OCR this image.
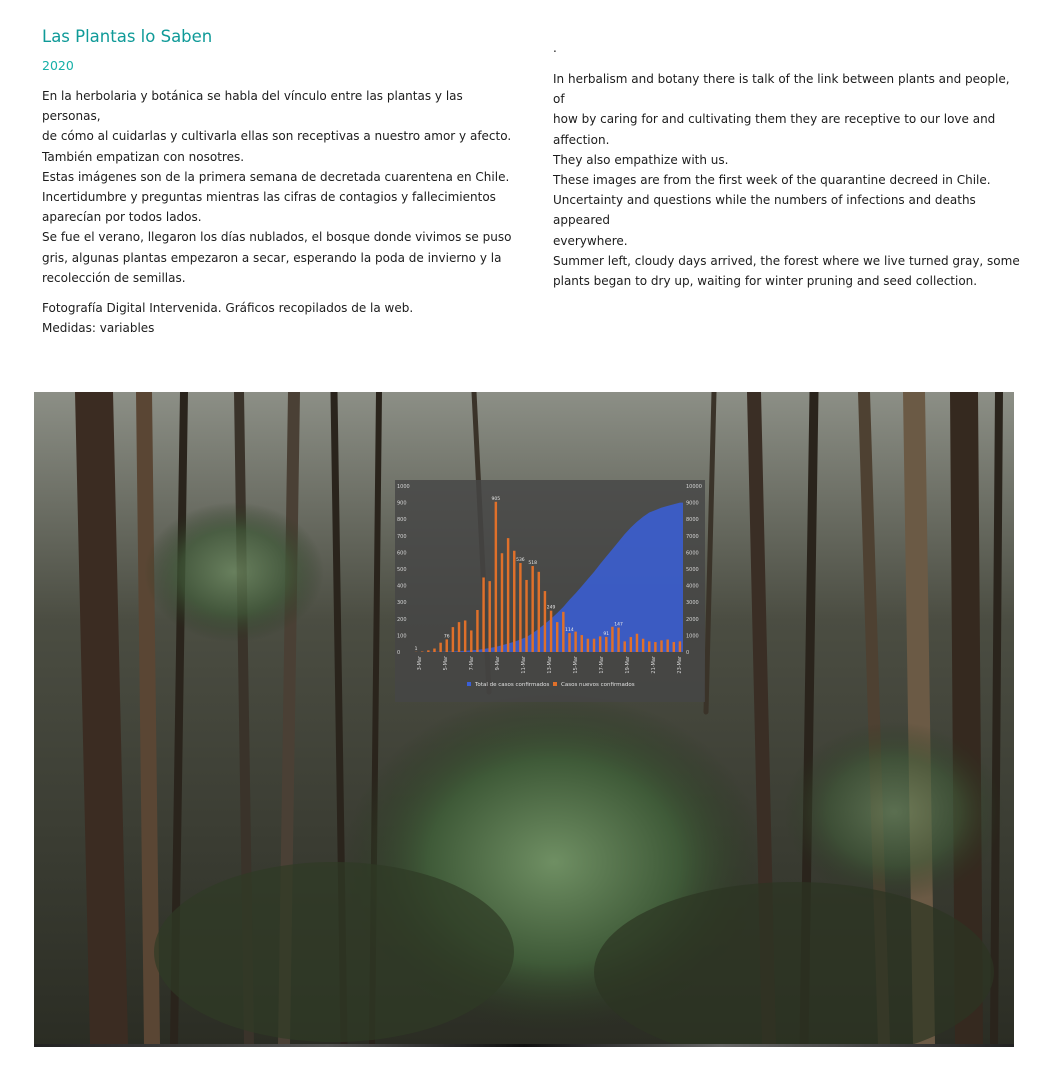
Las Plantas lo Saben
2020

En la herbolaria y botánica se habla del vínculo entre las plantas y las personas,
de cómo al cuidarlas y cultivarla ellas son receptivas a nuestro amor y afecto.
También empatizan con nosotres.
Estas imágenes son de la primera semana de decretada cuarentena en Chile.
Incertidumbre y preguntas mientras las cifras de contagios y fallecimientos
aparecían por todos lados.
Se fue el verano, llegaron los días nublados, el bosque donde vivimos se puso
gris, algunas plantas empezaron a secar, esperando la poda de invierno y la
recolección de semillas.

Fotografía Digital Intervenida. Gráficos recopilados de la web.
Medidas: variables

.

In herbalism and botany there is talk of the link between plants and people, of
how by caring for and cultivating them they are receptive to our love and
affection.
They also empathize with us.
These images are from the first week of the quarantine decreed in Chile.
Uncertainty and questions while the numbers of infections and deaths appeared
everywhere.
Summer left, cloudy days arrived, the forest where we live turned gray, some
plants began to dry up, waiting for winter pruning and seed collection.

1000
900
800
700
600
500
400
300
200
100
0
10000
9000
8000
7000
6000
5000
4000
3000
2000
1000
0
3-Mar	5-Mar	7-Mar	9-Mar	11-Mar	13-Mar	15-Mar	17-Mar	19-Mar	21-Mar	23-Mar
1
76
905
536
518
249
114
91
147
Total de casos confirmados Casos nuevos confirmados
